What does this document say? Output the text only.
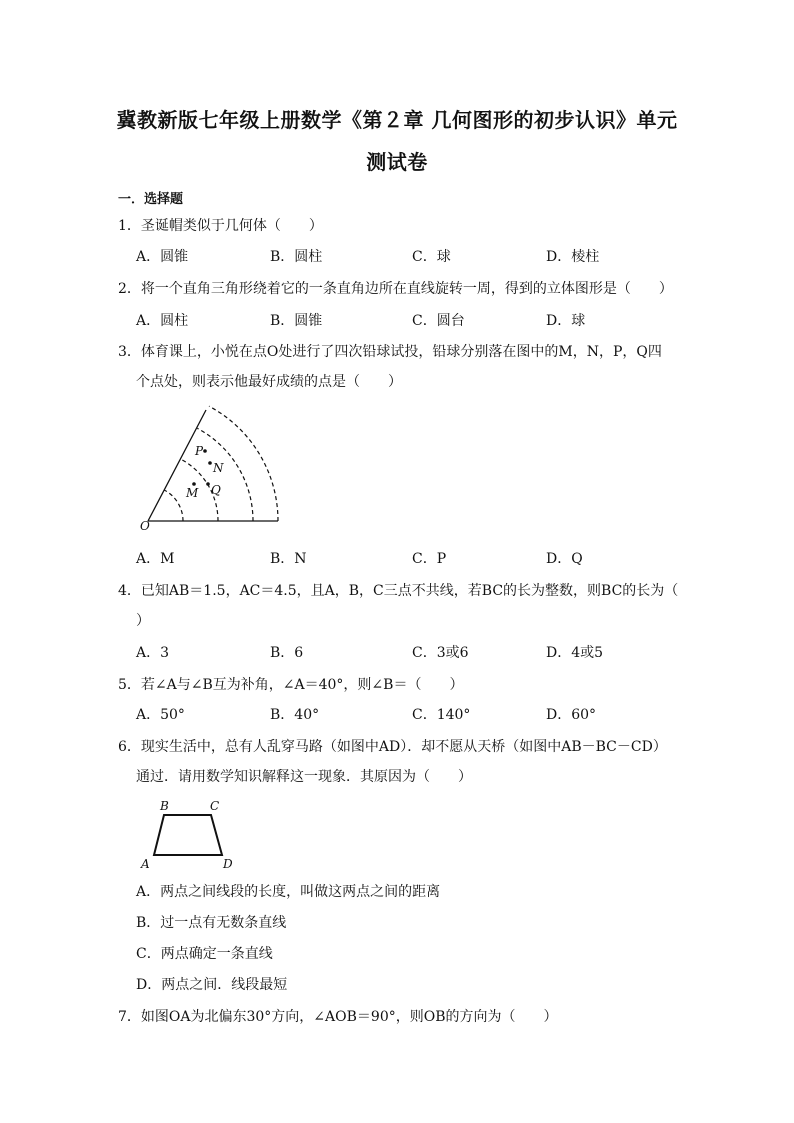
冀教新版七年级上册数学《第２章 几何图形的初步认识》单元
测试卷
一．选择题
1．圣诞帽类似于几何体（　　）
A．圆锥	B．圆柱	C．球	D．棱柱
2．将一个直角三角形绕着它的一条直角边所在直线旋转一周，得到的立体图形是（　　）
A．圆柱	B．圆锥	C．圆台	D．球
3．体育课上，小悦在点O处进行了四次铅球试投，铅球分别落在图中的M，N，P，Q四
个点处，则表示他最好成绩的点是（　　）
O
P
N
Q
M
A．M	B．N	C．P	D．Q
4．已知AB＝1.5，AC＝4.5，且A，B，C三点不共线，若BC的长为整数，则BC的长为（
）
A．3	B．6	C．3或6	D．4或5
5．若∠A与∠B互为补角，∠A＝40°，则∠B＝（　　）
A．50°	B．40°	C．140°	D．60°
6．现实生活中，总有人乱穿马路（如图中AD）．却不愿从天桥（如图中AB－BC－CD）
通过．请用数学知识解释这一现象．其原因为（　　）
B	C
A	D
A．两点之间线段的长度，叫做这两点之间的距离
B．过一点有无数条直线
C．两点确定一条直线
D．两点之间．线段最短
7．如图OA为北偏东30°方向，∠AOB＝90°，则OB的方向为（　　）
